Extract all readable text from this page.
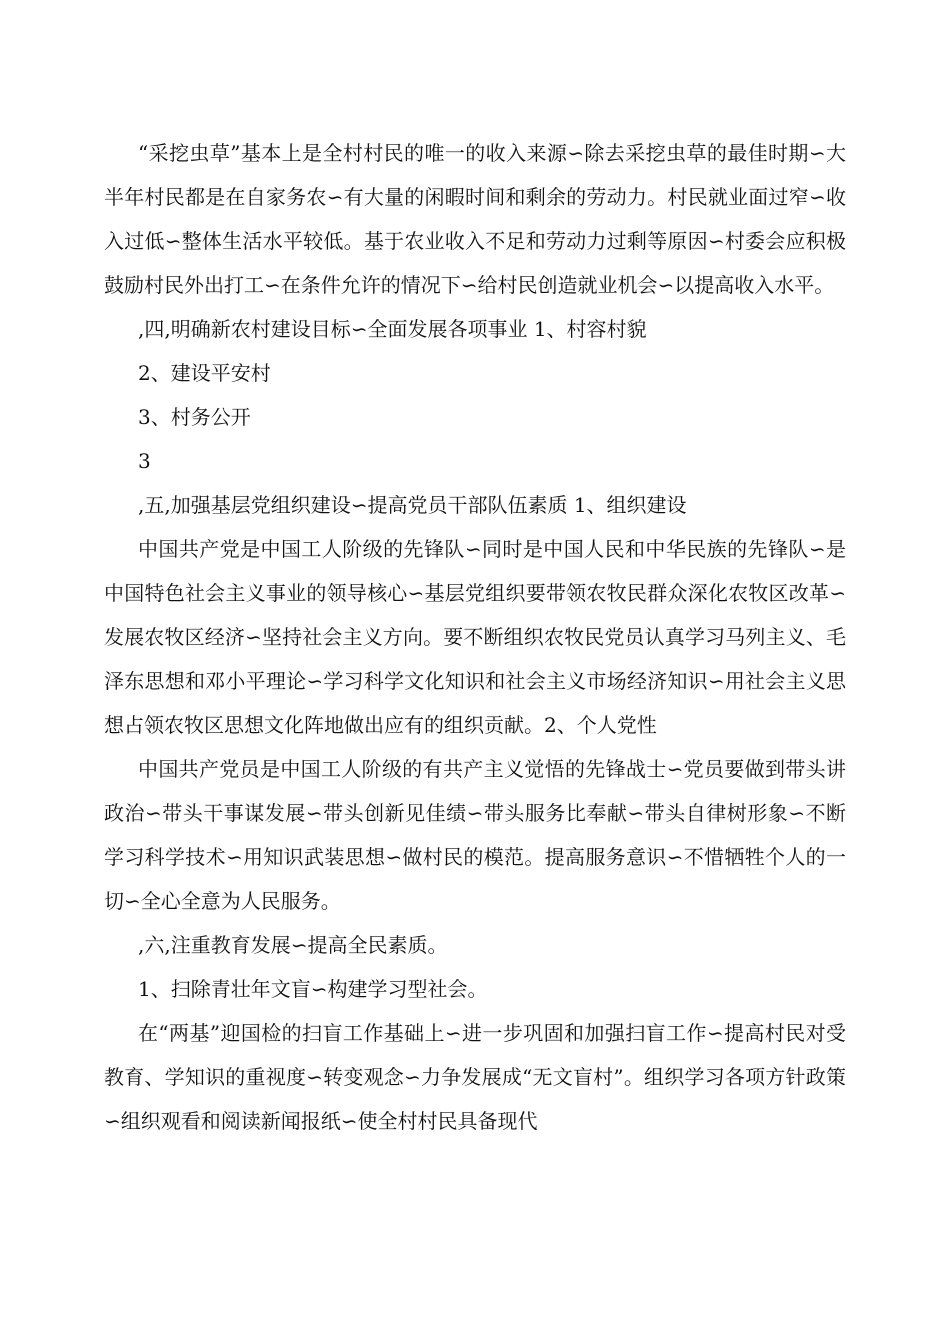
“采挖虫草”基本上是全村村民的唯一的收入来源∽除去采挖虫草的最佳时期∽大半年村民都是在自家务农∽有大量的闲暇时间和剩余的劳动力。村民就业面过窄∽收入过低∽整体生活水平较低。基于农业收入不足和劳动力过剩等原因∽村委会应积极鼓励村民外出打工∽在条件允许的情况下∽给村民创造就业机会∽以提高收入水平。

,四,明确新农村建设目标∽全面发展各项事业 1、村容村貌

2、建设平安村

3、村务公开

3

,五,加强基层党组织建设∽提高党员干部队伍素质 1、组织建设

中国共产党是中国工人阶级的先锋队∽同时是中国人民和中华民族的先锋队∽是中国特色社会主义事业的领导核心∽基层党组织要带领农牧民群众深化农牧区改革∽发展农牧区经济∽坚持社会主义方向。要不断组织农牧民党员认真学习马列主义、毛泽东思想和邓小平理论∽学习科学文化知识和社会主义市场经济知识∽用社会主义思想占领农牧区思想文化阵地做出应有的组织贡献。2、个人党性

中国共产党员是中国工人阶级的有共产主义觉悟的先锋战士∽党员要做到带头讲政治∽带头干事谋发展∽带头创新见佳绩∽带头服务比奉献∽带头自律树形象∽不断学习科学技术∽用知识武装思想∽做村民的模范。提高服务意识∽不惜牺牲个人的一切∽全心全意为人民服务。

,六,注重教育发展∽提高全民素质。

1、扫除青壮年文盲∽构建学习型社会。

在“两基”迎国检的扫盲工作基础上∽进一步巩固和加强扫盲工作∽提高村民对受教育、学知识的重视度∽转变观念∽力争发展成“无文盲村”。组织学习各项方针政策∽组织观看和阅读新闻报纸∽使全村村民具备现代
